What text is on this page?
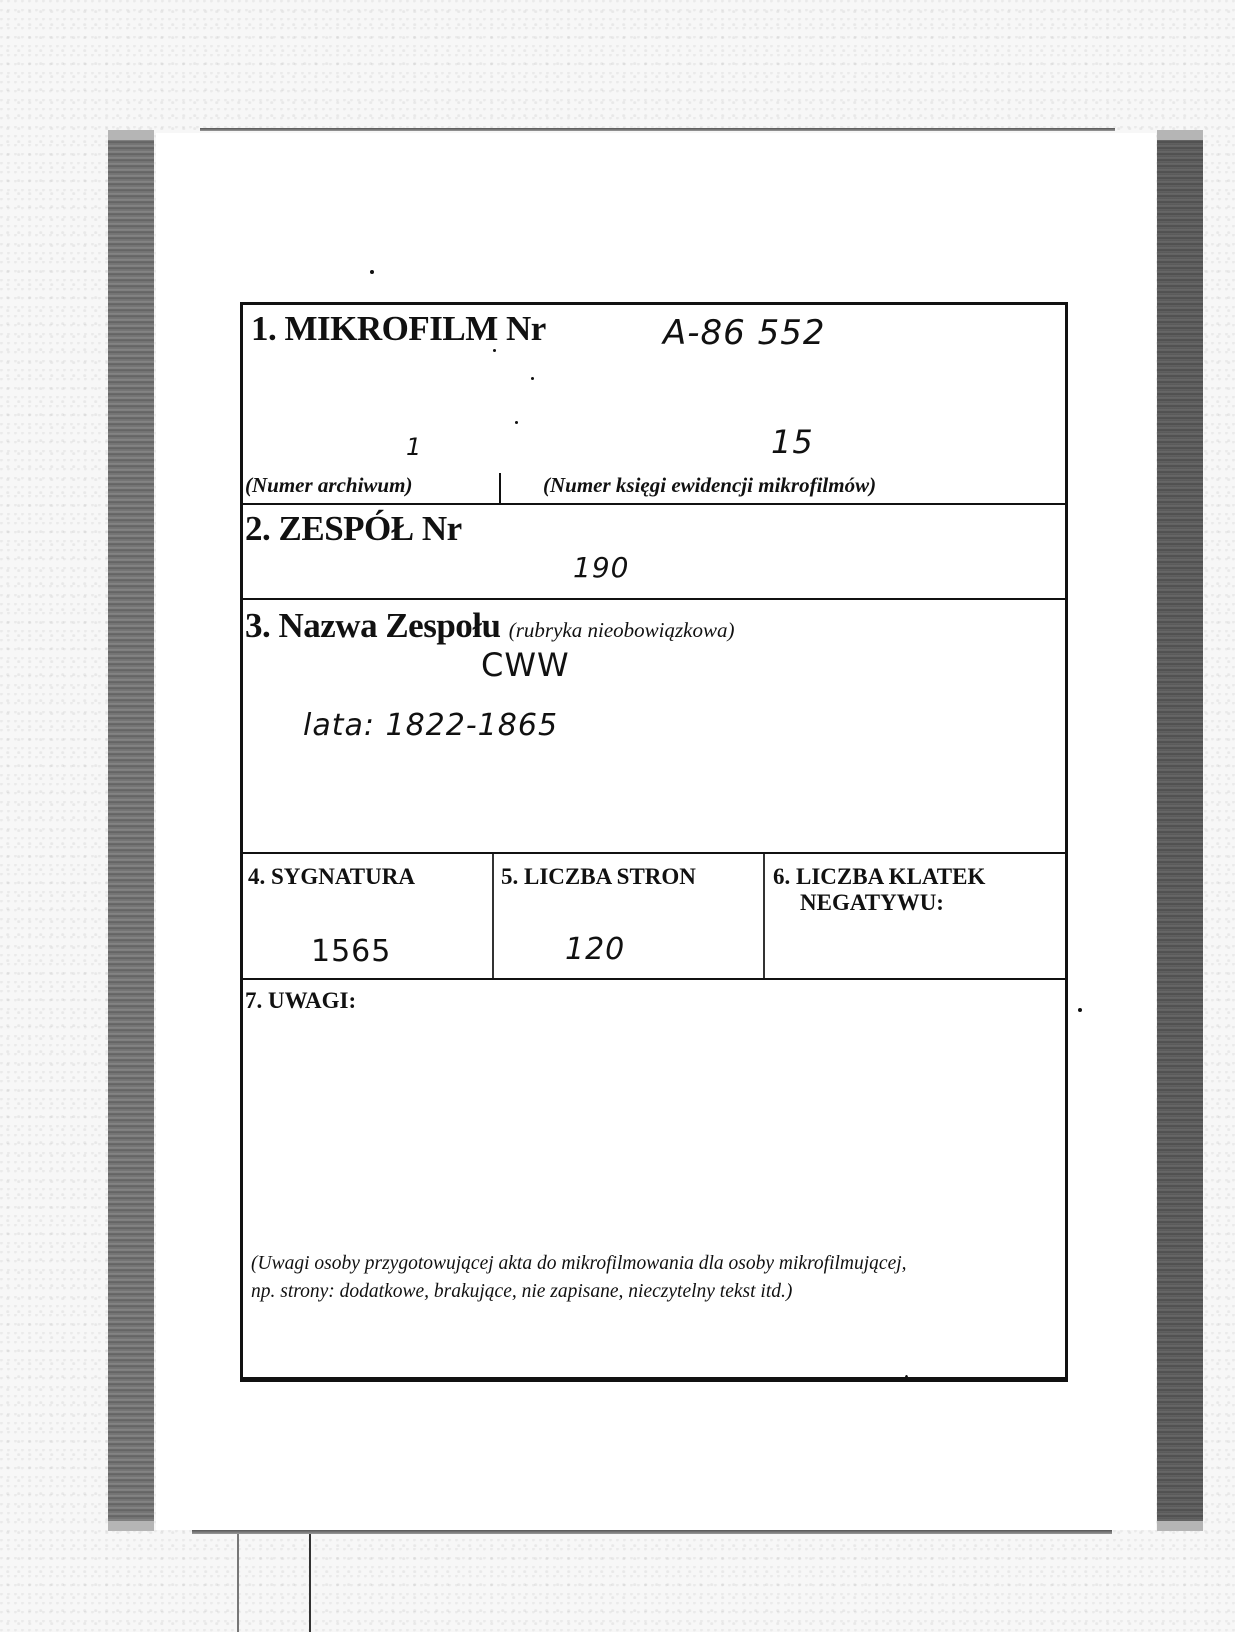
1. MIKROFILM Nr	A-86 552
1	15
(Numer archiwum)	(Numer księgi ewidencji mikrofilmów)
2. ZESPÓŁ Nr
190
3. Nazwa Zespołu (rubryka nieobowiązkowa)
CWW
lata: 1822-1865
4. SYGNATURA
1565
5. LICZBA STRON
120
6. LICZBA KLATEK
NEGATYWU:
7. UWAGI:
(Uwagi osoby przygotowującej akta do mikrofilmowania dla osoby mikrofilmującej,
np. strony: dodatkowe, brakujące, nie zapisane, nieczytelny tekst itd.)
